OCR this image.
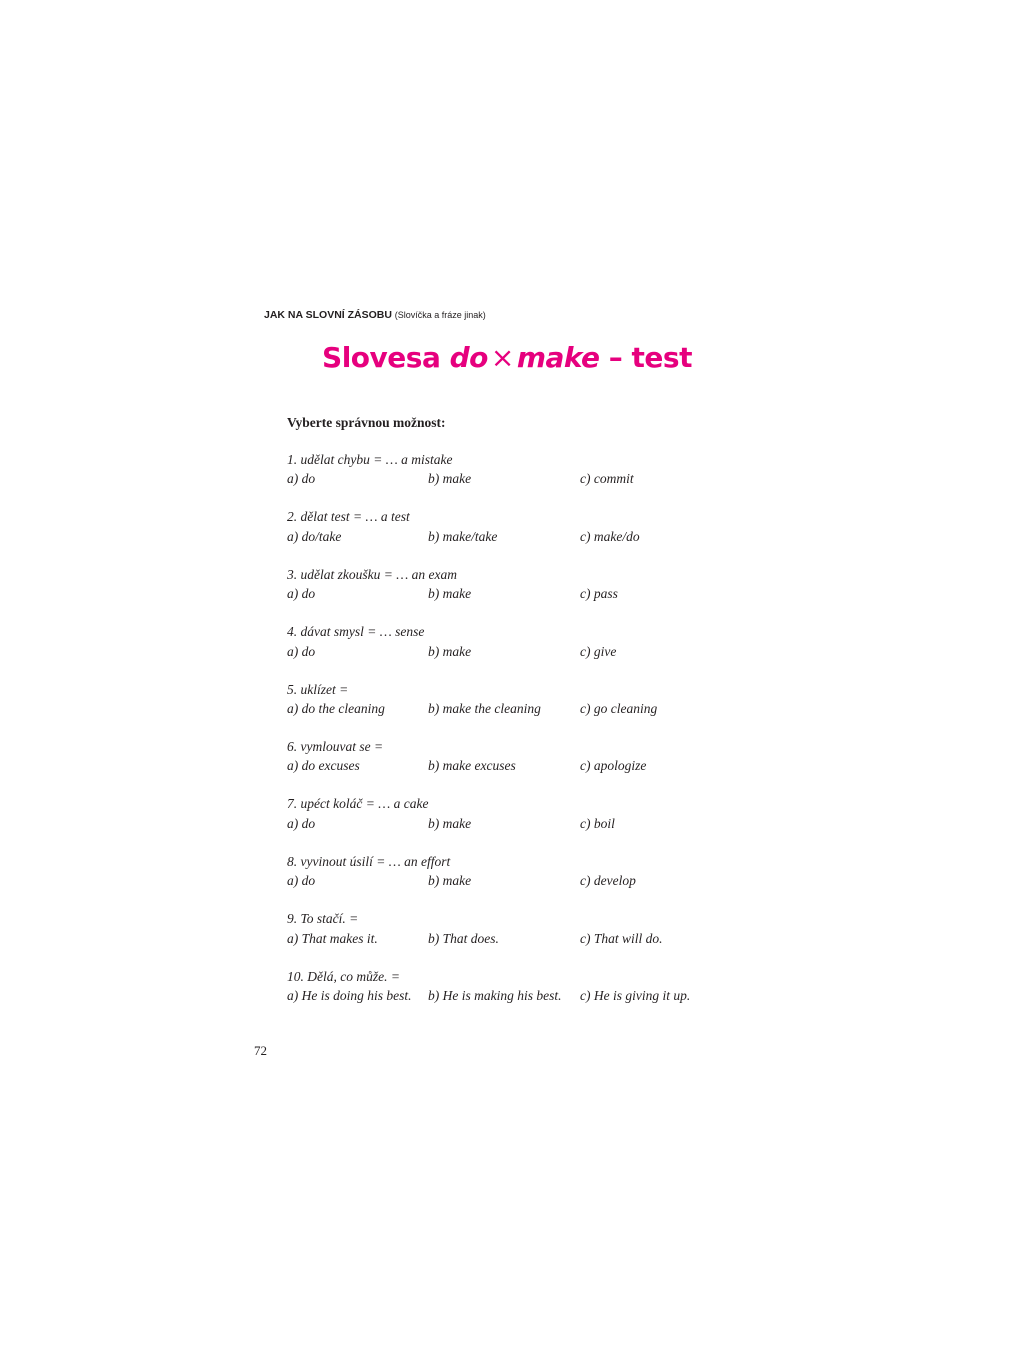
JAK NA SLOVNÍ ZÁSOBU (Slovíčka a fráze jinak)
Slovesa do × make – test
Vyberte správnou možnost:
1. udělat chybu = … a mistake
a) do	b) make	c) commit
2. dělat test = … a test
a) do/take	b) make/take	c) make/do
3. udělat zkoušku = … an exam
a) do	b) make	c) pass
4. dávat smysl = … sense
a) do	b) make	c) give
5. uklízet =
a) do the cleaning	b) make the cleaning	c) go cleaning
6. vymlouvat se =
a) do excuses	b) make excuses	c) apologize
7. upéct koláč = … a cake
a) do	b) make	c) boil
8. vyvinout úsilí = … an effort
a) do	b) make	c) develop
9. To stačí. =
a) That makes it.	b) That does.	c) That will do.
10. Dělá, co může. =
a) He is doing his best. b) He is making his best. c) He is giving it up.
72
